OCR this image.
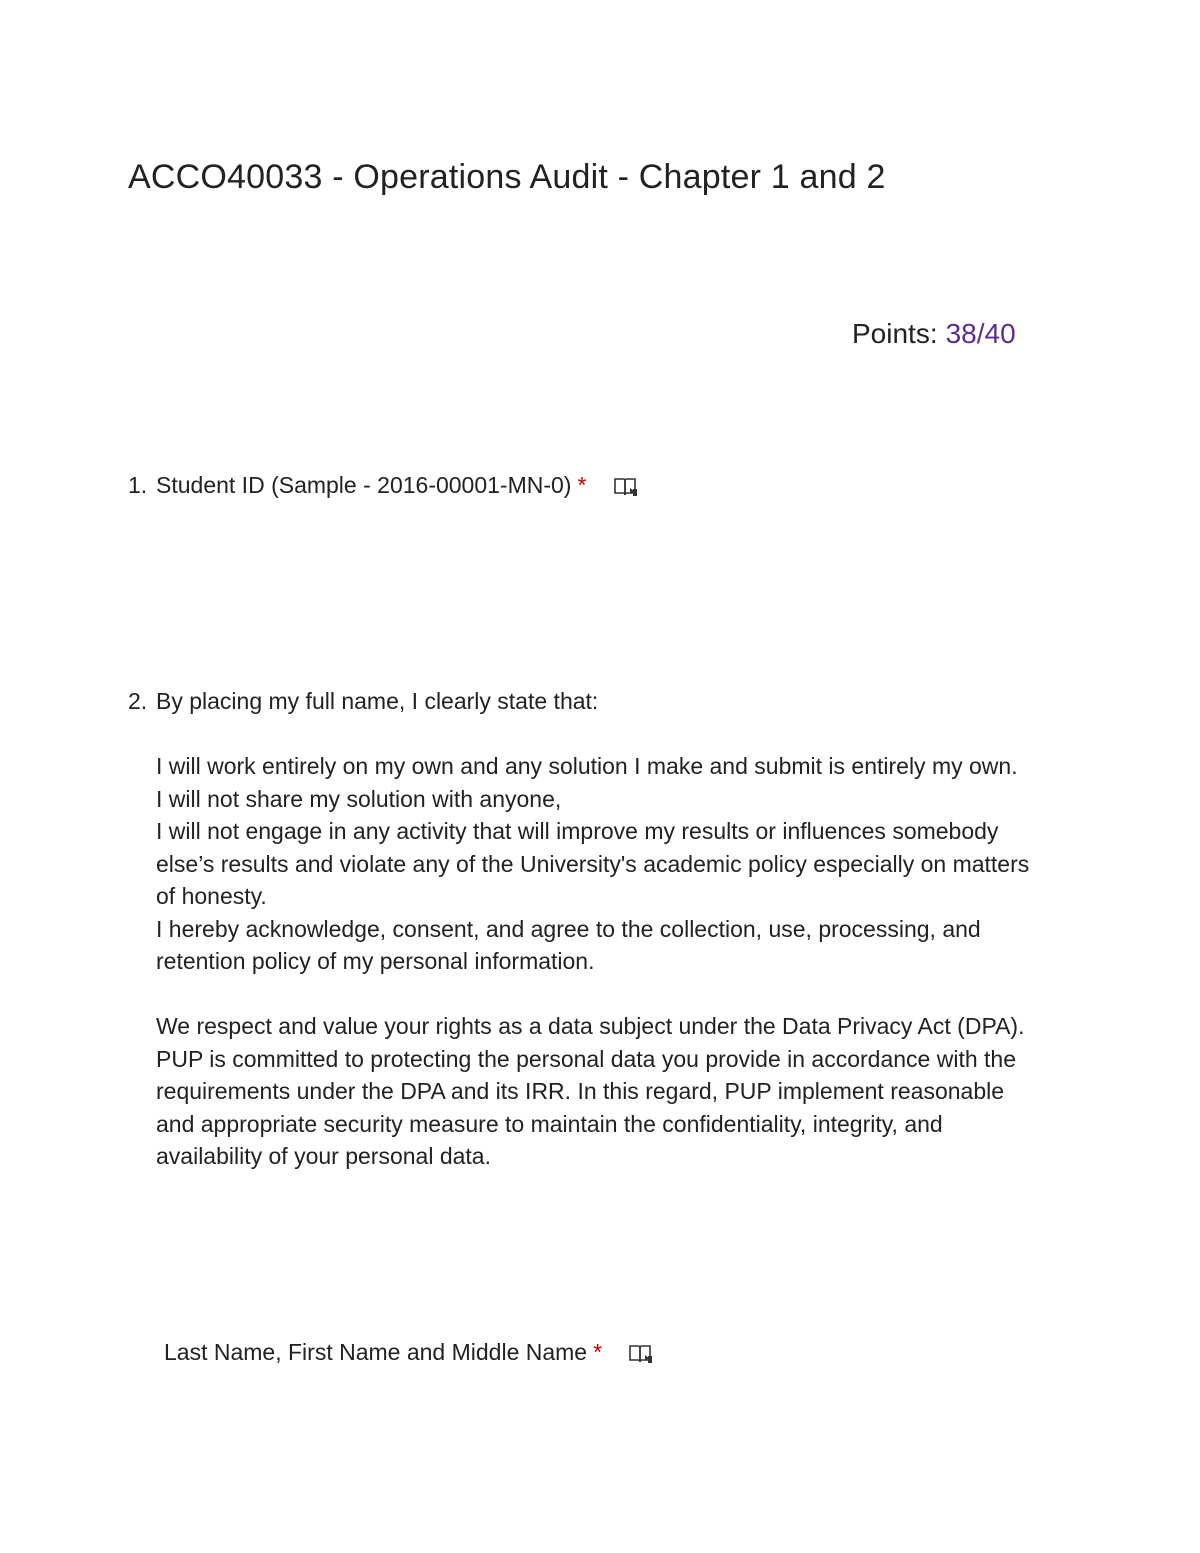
ACCO40033 - Operations Audit - Chapter 1 and 2
Points: 38/40
1. Student ID (Sample - 2016-00001-MN-0) *
2. By placing my full name, I clearly state that:

I will work entirely on my own and any solution I make and submit is entirely my own.

I will not share my solution with anyone,

I will not engage in any activity that will improve my results or influences somebody else’s results and violate any of the University's academic policy especially on matters of honesty.

I hereby acknowledge, consent, and agree to the collection, use, processing, and retention policy of my personal information.

We respect and value your rights as a data subject under the Data Privacy Act (DPA). PUP is committed to protecting the personal data you provide in accordance with the requirements under the DPA and its IRR. In this regard, PUP implement reasonable and appropriate security measure to maintain the confidentiality, integrity, and availability of your personal data.

Last Name, First Name and Middle Name *
